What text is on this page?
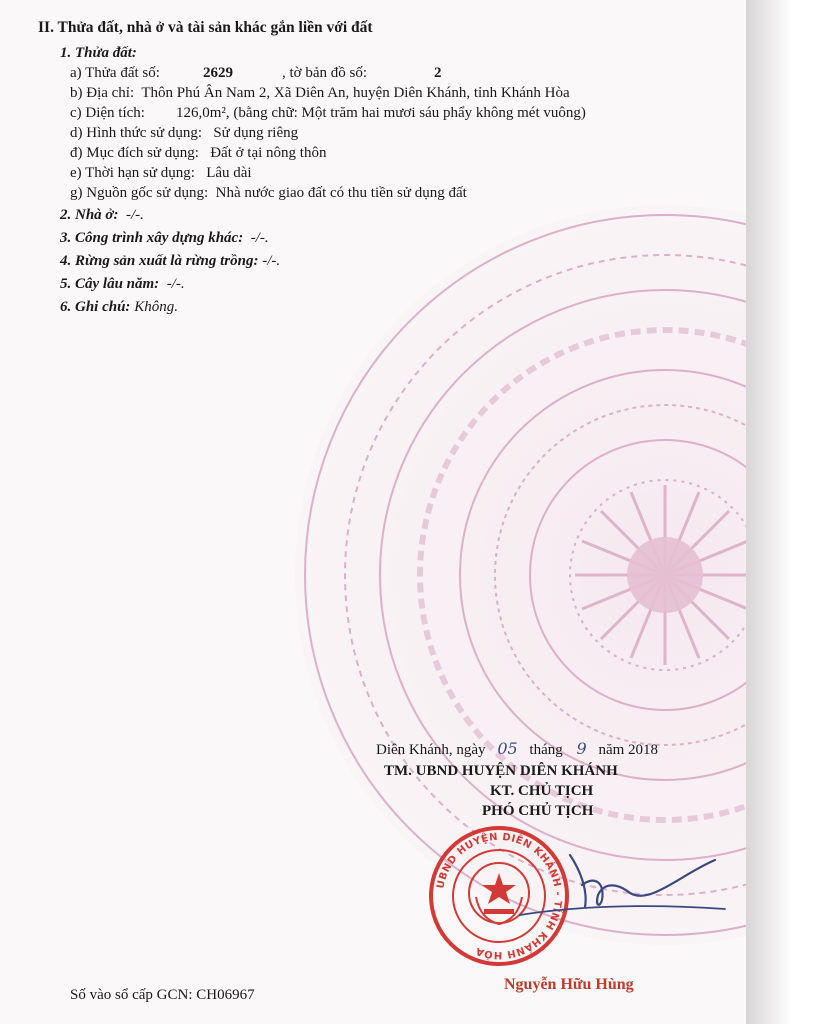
II. Thửa đất, nhà ở và tài sản khác gắn liền với đất
1. Thửa đất:
a) Thửa đất số:	2629	, tờ bản đồ số:	2
b) Địa chỉ: Thôn Phú Ân Nam 2, Xã Diên An, huyện Diên Khánh, tỉnh Khánh Hòa
c) Diện tích: 126,0m², (bằng chữ: Một trăm hai mươi sáu phẩy không mét vuông)
d) Hình thức sử dụng: Sử dụng riêng
đ) Mục đích sử dụng: Đất ở tại nông thôn
e) Thời hạn sử dụng: Lâu dài
g) Nguồn gốc sử dụng: Nhà nước giao đất có thu tiền sử dụng đất
2. Nhà ở: -/-.
3. Công trình xây dựng khác: -/-.
4. Rừng sản xuất là rừng trồng: -/-.
5. Cây lâu năm: -/-.
6. Ghi chú: Không.
Diên Khánh, ngày 05 tháng 9 năm 2018
TM. UBND HUYỆN DIÊN KHÁNH
KT. CHỦ TỊCH
PHÓ CHỦ TỊCH
UBND HUYỆN DIÊN KHÁNH - TỈNH KHÁNH HÒA
Nguyễn Hữu Hùng
Số vào sổ cấp GCN: CH06967
